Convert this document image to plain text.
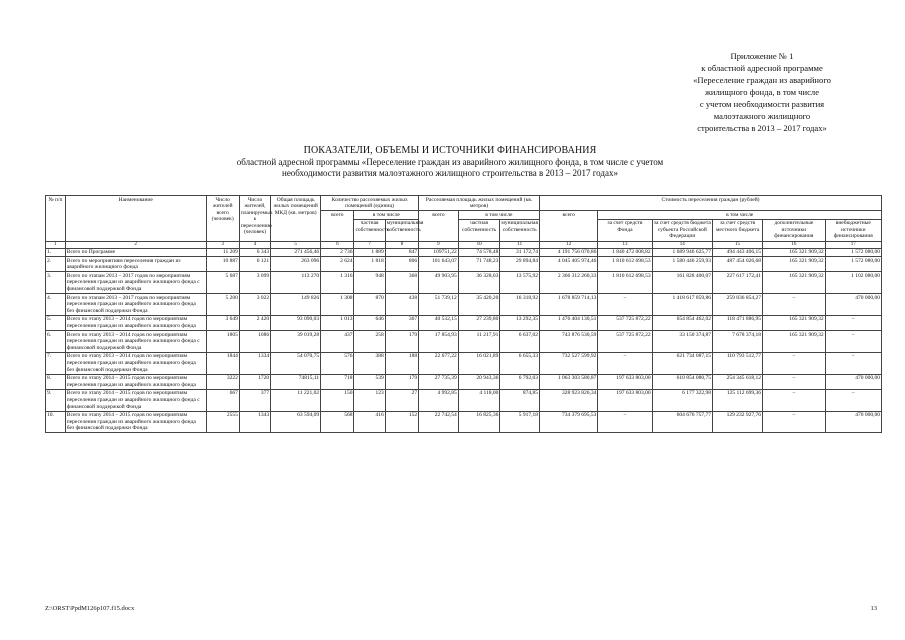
Приложение № 1
к областной адресной программе
«Переселение граждан из аварийного
жилищного фонда, в том числе
с учетом необходимости развития
малоэтажного жилищного
строительства в 2013 – 2017 годах»
ПОКАЗАТЕЛИ, ОБЪЕМЫ И ИСТОЧНИКИ ФИНАНСИРОВАНИЯ
областной адресной программы «Переселение граждан из аварийного жилищного фонда, в том числе с учетом
необходимости развития малоэтажного жилищного строительства в 2013 – 2017 годах»
№ п/п	Наименование	Число жителей всего (человек)	Число жителей, планируемых к переселению (человек)	Общая площадь жилых помещений МКД (кв. метров)	Количество расселяемых жилых помещений (единиц)			Расселяемая площадь жилых помещений (кв. метров)			Стоимость переселения граждан (рублей)					
					всего	в том числе		всего	в том числе		всего	в том числе				
						частная собственность	муниципальная собственность		частная собственность	муниципальная собственность		за счет средств Фонда	за счет средств бюджета субъекта Российской Федерации	за счет средств местного бюджета	дополнительные источники финансирования	внебюджетные источники финансирования
1	2	3	4	5	6	7	8	9	10	11	12	13	14	15	16	17
1.	Всего по Программе	11 209	6 343	271 456,46	2 736	1 889	847	109751,22	74 578,48	31 172,74	4 191 756 070,86	1 840 472 008,82	1 689 946 625,77	494 443 406,15	165 321 909,32	1 572 080,00
2.	Всего по мероприятиям переселения граждан из аварийного жилищного фонда	10 887	6 121	263 096	2 624	1 818	806	101 643,07	71 748,23	29 894,84	4 045 405 974,46	1 810 612 698,53	1 580 446 259,93	487 454 026,68	165 321 909,32	1 572 080,00
3.	Всего по этапам 2013 – 2017 годов по мероприятиям переселения граждан из аварийного жилищного фонда с финансовой поддержкой Фонда	5 687	3 099	113 270	1 316	948	368	49 903,95	36 328,03	13 575,92	2 366 312 260,33	1 810 612 698,53	161 828 400,07	227 617 172,41	165 321 909,32	1 102 080,00
4.	Всего по этапам 2013 – 2017 годов по мероприятиям переселения граждан из аварийного жилищного фонда без финансовой поддержки Фонда	5 200	3 022	149 826	1 308	870	438	51 739,12	35 420,20	16 318,92	1 678 859 714,13	–	1 418 617 859,86	259 836 854,27	–	470 000,00
5.	Всего по этапу 2013 – 2014 годов по мероприятиям переселения граждан из аварийного жилищного фонда	3 649	2 420	93 090,03	1 013	646	367	40 532,15	27 239,80	13 292,35	1 476 404 130,51	537 725 872,22	654 854 462,02	118 471 886,95	165 321 909,32	–
6.	Всего по этапу 2013 – 2014 годов по мероприятиям переселения граждан из аварийного жилищного фонда с финансовой поддержкой Фонда	1805	1086	39 019,28	437	258	179	17 854,93	11 217,91	6 637,02	743 876 530,59	537 725 872,22	33 150 374,87	7 678 374,18	165 321 909,32	–
7.	Всего по этапу 2013 – 2014 годов по мероприятиям переселения граждан из аварийного жилищного фонда без финансовой поддержки Фонда	1844	1334	54 070,75	576	388	188	22 677,22	16 021,89	6 655,33	732 527 599,92	–	621 734 087,15	110 793 512,77	–	–
8.	Всего по этапу 2014 – 2015 годов по мероприятиям переселения граждан из аварийного жилищного фонда	3222	1720	74815,11	718	539	179	27 735,39	20 943,36	6 792,03	1 063 303 580,87	197 633 803,00	610 854 080,75	254 345 618,12	–	470 000,00
9.	Всего по этапу 2014 – 2015 годов по мероприятиям переселения граждан из аварийного жилищного фонда с финансовой поддержкой Фонда	667	377	11 221,02	150	123	27	4 992,85	4 118,00	874,85	328 923 826,34	197 633 803,00	6 177 322,98	125 112 699,36	–	–
10.	Всего по этапу 2014 – 2015 годов по мероприятиям переселения граждан из аварийного жилищного фонда без финансовой поддержки Фонда	2555	1343	63 594,09	568	416	152	22 742,54	16 825,36	5 917,18	734 379 695,53	–	604 676 757,77	129 232 927,76	–	470 000,00
Z:\ORST\PpdM126p107.f15.docx	13
